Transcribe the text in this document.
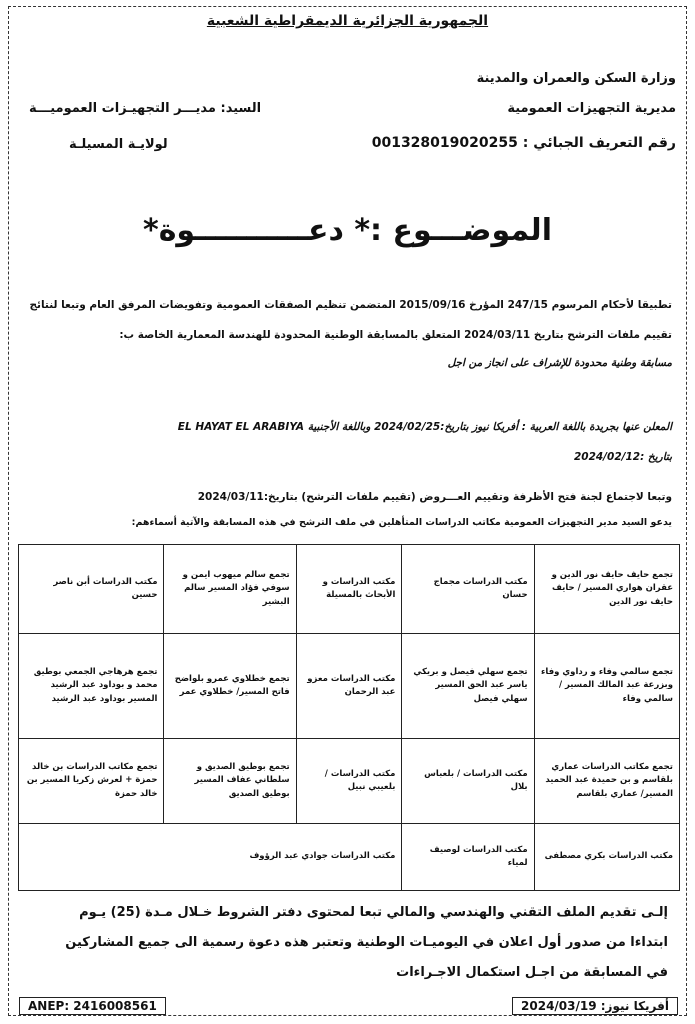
الجمهورية الجزائرية الديمقراطية الشعبية
وزارة السكن والعمران والمدينة
مديرية التجهيزات العمومية
السيد: مديـــر التجهيـزات العموميـــة
رقم التعريف الجبائي : 001328019020255
لولايـة المسيلـة
الموضـــوع :* دعـــــــــــوة*
تطبيقا لأحكام المرسوم 247/15 المؤرخ 2015/09/16 المتضمن تنظيم الصفقات العمومية وتفويضات المرفق العام وتبعا لنتائج
تقييم ملفات الترشح بتاريخ 2024/03/11 المتعلق بالمسابقة الوطنية المحدودة للهندسة المعمارية الخاصة ب:
مسابقة وطنية محدودة للإشراف على انجاز من اجل
المعلن عنها بجريدة باللغة العربية : أفريكا نيوز بتاريخ:2024/02/25 وباللغة الأجنبية EL HAYAT EL ARABIYA
بتاريخ :2024/02/12
وتبعا لاجتماع لجنة فتح الأظرفة وتقييم العـــروض (تقييم ملفات الترشح) بتاريخ:2024/03/11
يدعو السيد مدير التجهيزات العمومية مكاتب الدراسات المتأهلين في ملف الترشح في هذه المسابقة والآتية أسماءهم:
إلـى تقديم الملف التقني والهندسي والمالي تبعا لمحتوى دفتر الشروط خـلال مـدة (25) يـوم
ابتداءا من صدور أول اعلان في اليوميـات الوطنية وتعتبر هذه دعوة رسمية الى جميع المشاركين
في المسابقة من اجـل استكمال الاجـراءات
أفريكا نيوز: 2024/03/19
ANEP: 2416008561
تجمع حايف حايف نور الدين و عقران هواري المسير / حايف حايف نور الدين	مكتب الدراسات مجماج حسان	مكتب الدراسات و الأبحاث بالمسيلة	تجمع سالم ميهوب ايمن و سوفي فؤاد المسير سالم البشير	مكتب الدراسات أبن ناصر حسين
تجمع سالمي وفاء و رداوي وفاء وبزرعة عبد المالك المسير / سالمي وفاء	تجمع سهلي فيصل و بريكي ياسر عبد الحق المسير سهلي فيصل	مكتب الدراسات معزو عبد الرحمان	تجمع خطلاوي عمرو بلواضح فاتح المسير/ خطلاوي عمر	تجمع هرهاجي الجمعي بوطيق محمد و بوداود عبد الرشيد المسير بوداود عبد الرشيد
تجمع مكاتب الدراسات عماري بلقاسم و بن حميدة عبد الحميد المسير/ عماري بلقاسم	مكتب الدراسات / بلعباس بلال	مكتب الدراسات / بلعيبي نبيل	تجمع بوطيق الصديق و سلطاني عفاف المسير بوطيق الصديق	تجمع مكاتب الدراسات بن خالد حمزة + لعرش زكريا المسير بن خالد حمزة
مكتب الدراسات بكري مصطفى	مكتب الدراسات لوصيف لمياء	مكتب الدراسات جوادي عبد الرؤوف		
